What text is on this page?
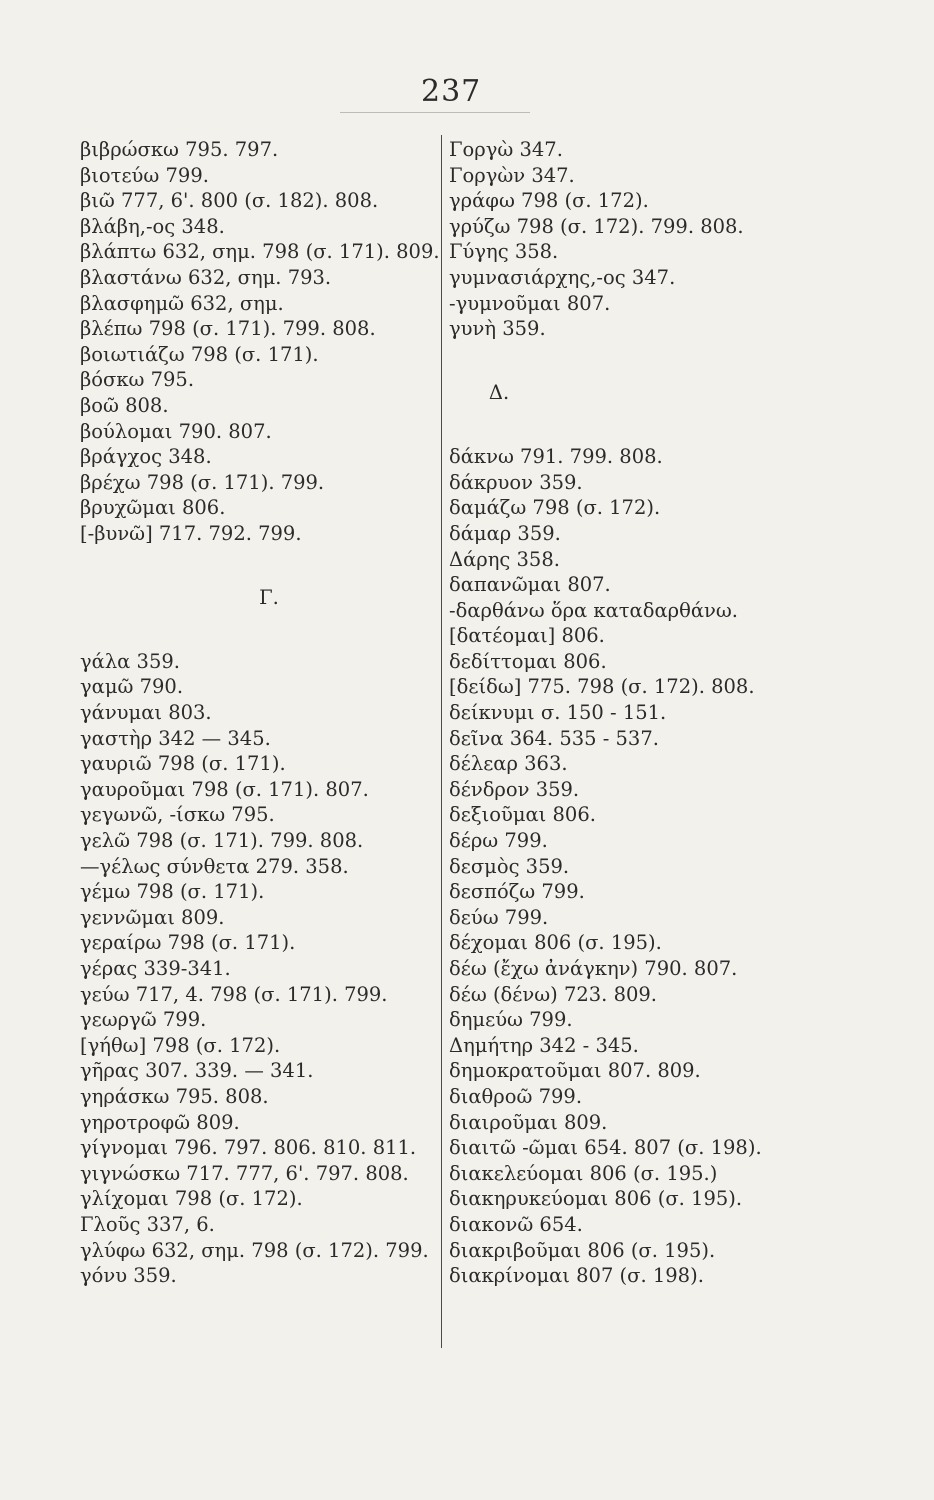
237
βιβρώσκω 795. 797.
βιοτεύω 799.
βιῶ 777, 6'. 800 (σ. 182). 808.
βλάβη,-ος 348.
βλάπτω 632, σημ. 798 (σ. 171). 809.
βλαστάνω 632, σημ. 793.
βλασφημῶ 632, σημ.
βλέπω 798 (σ. 171). 799. 808.
βοιωτιάζω 798 (σ. 171).
βόσκω 795.
βοῶ 808.
βούλομαι 790. 807.
βράγχος 348.
βρέχω 798 (σ. 171). 799.
βρυχῶμαι 806.
[-βυνῶ] 717. 792. 799.
Γ.
γάλα 359.
γαμῶ 790.
γάνυμαι 803.
γαστὴρ 342 — 345.
γαυριῶ 798 (σ. 171).
γαυροῦμαι 798 (σ. 171). 807.
γεγωνῶ, -ίσκω 795.
γελῶ 798 (σ. 171). 799. 808.
—γέλως σύνθετα 279. 358.
γέμω 798 (σ. 171).
γεννῶμαι 809.
γεραίρω 798 (σ. 171).
γέρας 339-341.
γεύω 717, 4. 798 (σ. 171). 799.
γεωργῶ 799.
[γήθω] 798 (σ. 172).
γῆρας 307. 339. — 341.
γηράσκω 795. 808.
γηροτροφῶ 809.
γίγνομαι 796. 797. 806. 810. 811.
γιγνώσκω 717. 777, 6'. 797. 808.
γλίχομαι 798 (σ. 172).
Γλοῦς 337, 6.
γλύφω 632, σημ. 798 (σ. 172). 799.
γόνυ 359.
Γοργὼ 347.
Γοργὼν 347.
γράφω 798 (σ. 172).
γρύζω 798 (σ. 172). 799. 808.
Γύγης 358.
γυμνασιάρχης,-ος 347.
-γυμνοῦμαι 807.
γυνὴ 359.
Δ.
δάκνω 791. 799. 808.
δάκρυον 359.
δαμάζω 798 (σ. 172).
δάμαρ 359.
Δάρης 358.
δαπανῶμαι 807.
-δαρθάνω ὅρα καταδαρθάνω.
[δατέομαι] 806.
δεδίττομαι 806.
[δείδω] 775. 798 (σ. 172). 808.
δείκνυμι σ. 150 - 151.
δεῖνα 364. 535 - 537.
δέλεαρ 363.
δένδρον 359.
δεξιοῦμαι 806.
δέρω 799.
δεσμὸς 359.
δεσπόζω 799.
δεύω 799.
δέχομαι 806 (σ. 195).
δέω (ἔχω ἀνάγκην) 790. 807.
δέω (δένω) 723. 809.
δημεύω 799.
Δημήτηρ 342 - 345.
δημοκρατοῦμαι 807. 809.
διαθροῶ 799.
διαιροῦμαι 809.
διαιτῶ -ῶμαι 654. 807 (σ. 198).
διακελεύομαι 806 (σ. 195.)
διακηρυκεύομαι 806 (σ. 195).
διακονῶ 654.
διακριβοῦμαι 806 (σ. 195).
διακρίνομαι 807 (σ. 198).
